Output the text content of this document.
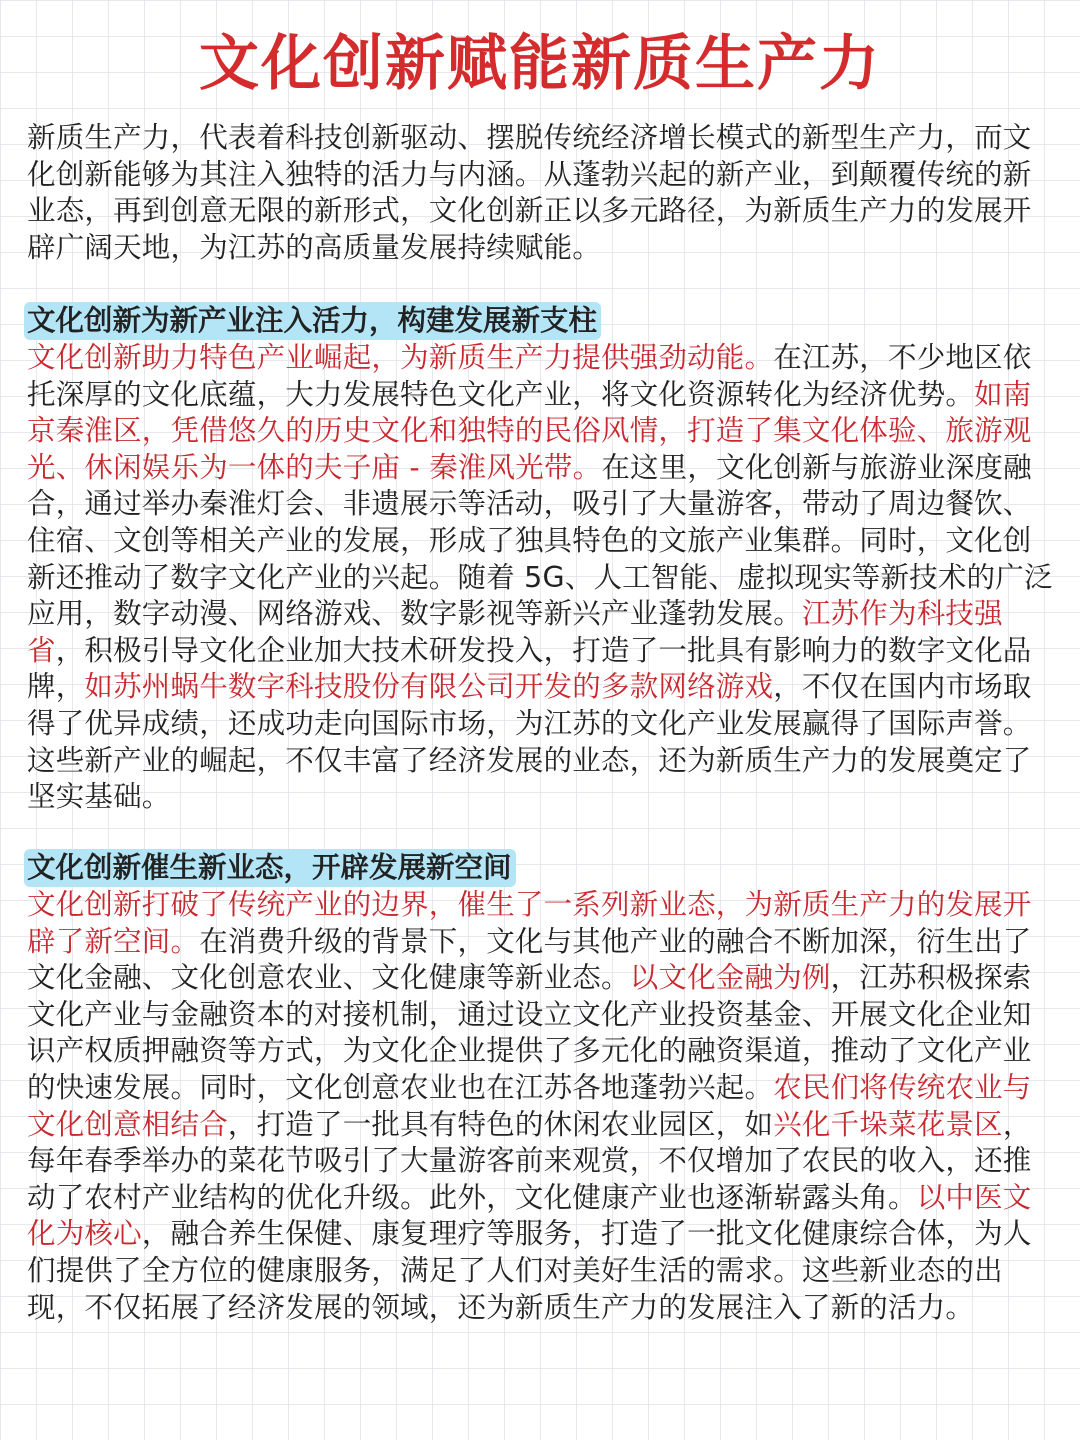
文化创新赋能新质生产力

新质生产力，代表着科技创新驱动、摆脱传统经济增长模式的新型生产力，而文化创新能够为其注入独特的活力与内涵。从蓬勃兴起的新产业，到颠覆传统的新业态，再到创意无限的新形式，文化创新正以多元路径，为新质生产力的发展开辟广阔天地，为江苏的高质量发展持续赋能。

文化创新为新产业注入活力，构建发展新支柱

文化创新助力特色产业崛起，为新质生产力提供强劲动能。在江苏，不少地区依托深厚的文化底蕴，大力发展特色文化产业，将文化资源转化为经济优势。如南京秦淮区，凭借悠久的历史文化和独特的民俗风情，打造了集文化体验、旅游观光、休闲娱乐为一体的夫子庙 - 秦淮风光带。在这里，文化创新与旅游业深度融合，通过举办秦淮灯会、非遗展示等活动，吸引了大量游客，带动了周边餐饮、住宿、文创等相关产业的发展，形成了独具特色的文旅产业集群。同时，文化创新还推动了数字文化产业的兴起。随着 5G、人工智能、虚拟现实等新技术的广泛应用，数字动漫、网络游戏、数字影视等新兴产业蓬勃发展。江苏作为科技强省，积极引导文化企业加大技术研发投入，打造了一批具有影响力的数字文化品牌，如苏州蜗牛数字科技股份有限公司开发的多款网络游戏，不仅在国内市场取得了优异成绩，还成功走向国际市场，为江苏的文化产业发展赢得了国际声誉。这些新产业的崛起，不仅丰富了经济发展的业态，还为新质生产力的发展奠定了坚实基础。

文化创新催生新业态，开辟发展新空间

文化创新打破了传统产业的边界，催生了一系列新业态，为新质生产力的发展开辟了新空间。在消费升级的背景下，文化与其他产业的融合不断加深，衍生出了文化金融、文化创意农业、文化健康等新业态。以文化金融为例，江苏积极探索文化产业与金融资本的对接机制，通过设立文化产业投资基金、开展文化企业知识产权质押融资等方式，为文化企业提供了多元化的融资渠道，推动了文化产业的快速发展。同时，文化创意农业也在江苏各地蓬勃兴起。农民们将传统农业与文化创意相结合，打造了一批具有特色的休闲农业园区，如兴化千垛菜花景区，每年春季举办的菜花节吸引了大量游客前来观赏，不仅增加了农民的收入，还推动了农村产业结构的优化升级。此外，文化健康产业也逐渐崭露头角。以中医文化为核心，融合养生保健、康复理疗等服务，打造了一批文化健康综合体，为人们提供了全方位的健康服务，满足了人们对美好生活的需求。这些新业态的出现，不仅拓展了经济发展的领域，还为新质生产力的发展注入了新的活力。
